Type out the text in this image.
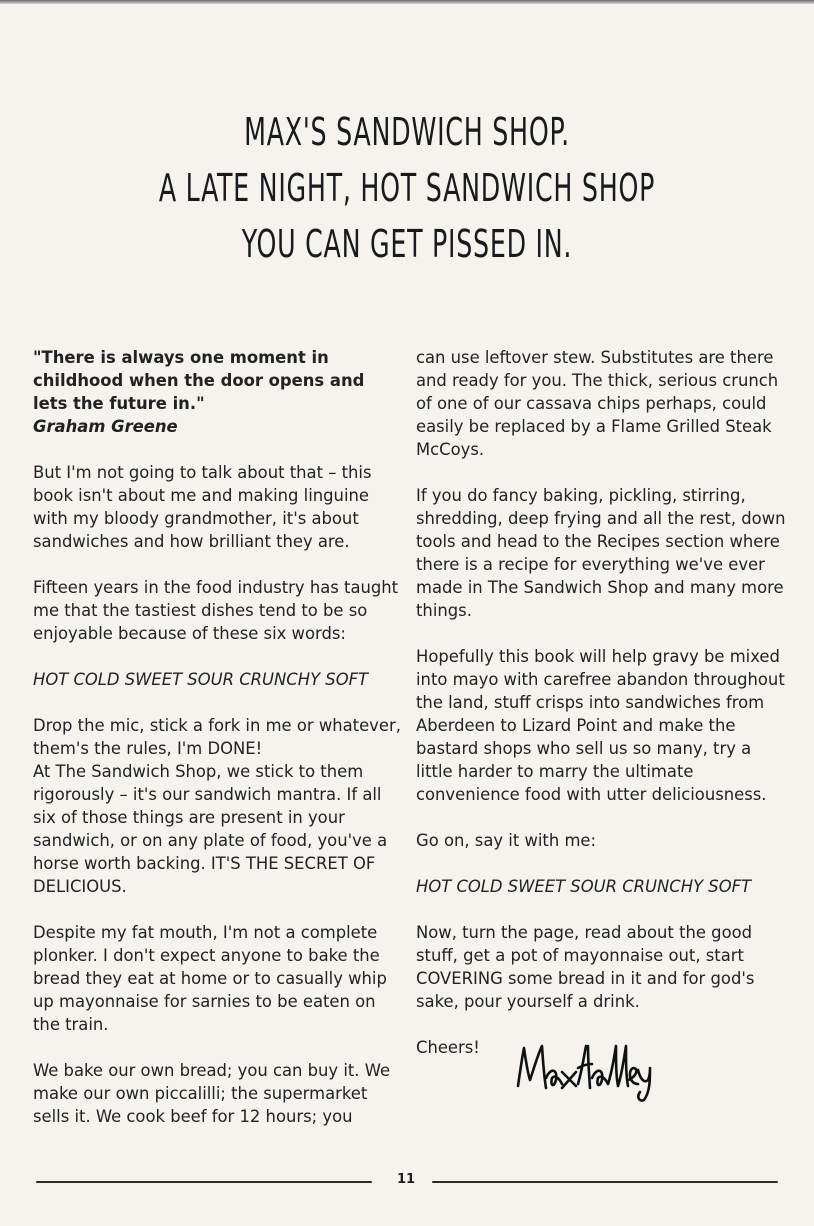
MAX'S SANDWICH SHOP.
A LATE NIGHT, HOT SANDWICH SHOP
YOU CAN GET PISSED IN.

"There is always one moment in childhood when the door opens and lets the future in."
Graham Greene

But I'm not going to talk about that – this book isn't about me and making linguine with my bloody grandmother, it's about sandwiches and how brilliant they are.

Fifteen years in the food industry has taught me that the tastiest dishes tend to be so enjoyable because of these six words:

HOT COLD SWEET SOUR CRUNCHY SOFT

Drop the mic, stick a fork in me or whatever, them's the rules, I'm DONE!
At The Sandwich Shop, we stick to them rigorously – it's our sandwich mantra. If all six of those things are present in your sandwich, or on any plate of food, you've a horse worth backing. IT'S THE SECRET OF DELICIOUS.

Despite my fat mouth, I'm not a complete plonker. I don't expect anyone to bake the bread they eat at home or to casually whip up mayonnaise for sarnies to be eaten on the train.

We bake our own bread; you can buy it. We make our own piccalilli; the supermarket sells it. We cook beef for 12 hours; you

can use leftover stew. Substitutes are there and ready for you. The thick, serious crunch of one of our cassava chips perhaps, could easily be replaced by a Flame Grilled Steak McCoys.

If you do fancy baking, pickling, stirring, shredding, deep frying and all the rest, down tools and head to the Recipes section where there is a recipe for everything we've ever made in The Sandwich Shop and many more things.

Hopefully this book will help gravy be mixed into mayo with carefree abandon throughout the land, stuff crisps into sandwiches from Aberdeen to Lizard Point and make the bastard shops who sell us so many, try a little harder to marry the ultimate convenience food with utter deliciousness.

Go on, say it with me:

HOT COLD SWEET SOUR CRUNCHY SOFT

Now, turn the page, read about the good stuff, get a pot of mayonnaise out, start COVERING some bread in it and for god's sake, pour yourself a drink.

Cheers!
11
